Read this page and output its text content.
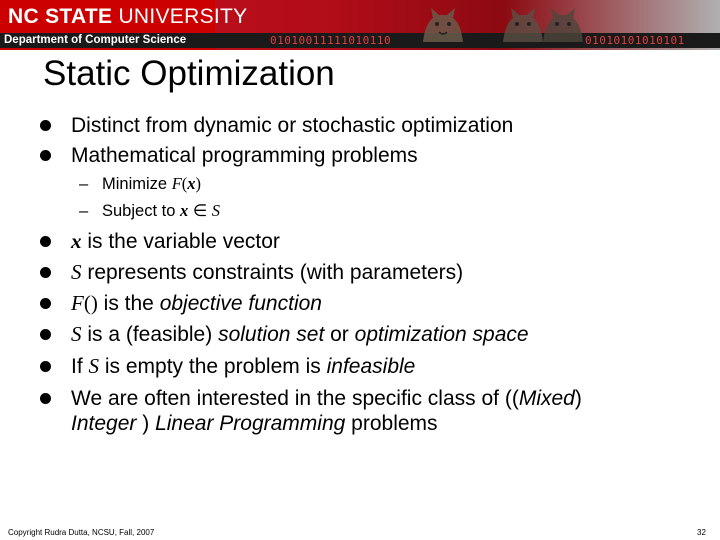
NC STATE UNIVERSITY
Department of Computer Science	01010011111010110	01010101010101
Static Optimization
Distinct from dynamic or stochastic optimization
Mathematical programming problems
– Minimize F(x)
– Subject to x ∈ S
x is the variable vector
S represents constraints (with parameters)
F() is the objective function
S is a (feasible) solution set or optimization space
If S is empty the problem is infeasible
We are often interested in the specific class of ((Mixed)
Integer ) Linear Programming problems
Copyright Rudra Dutta, NCSU, Fall, 2007	32
